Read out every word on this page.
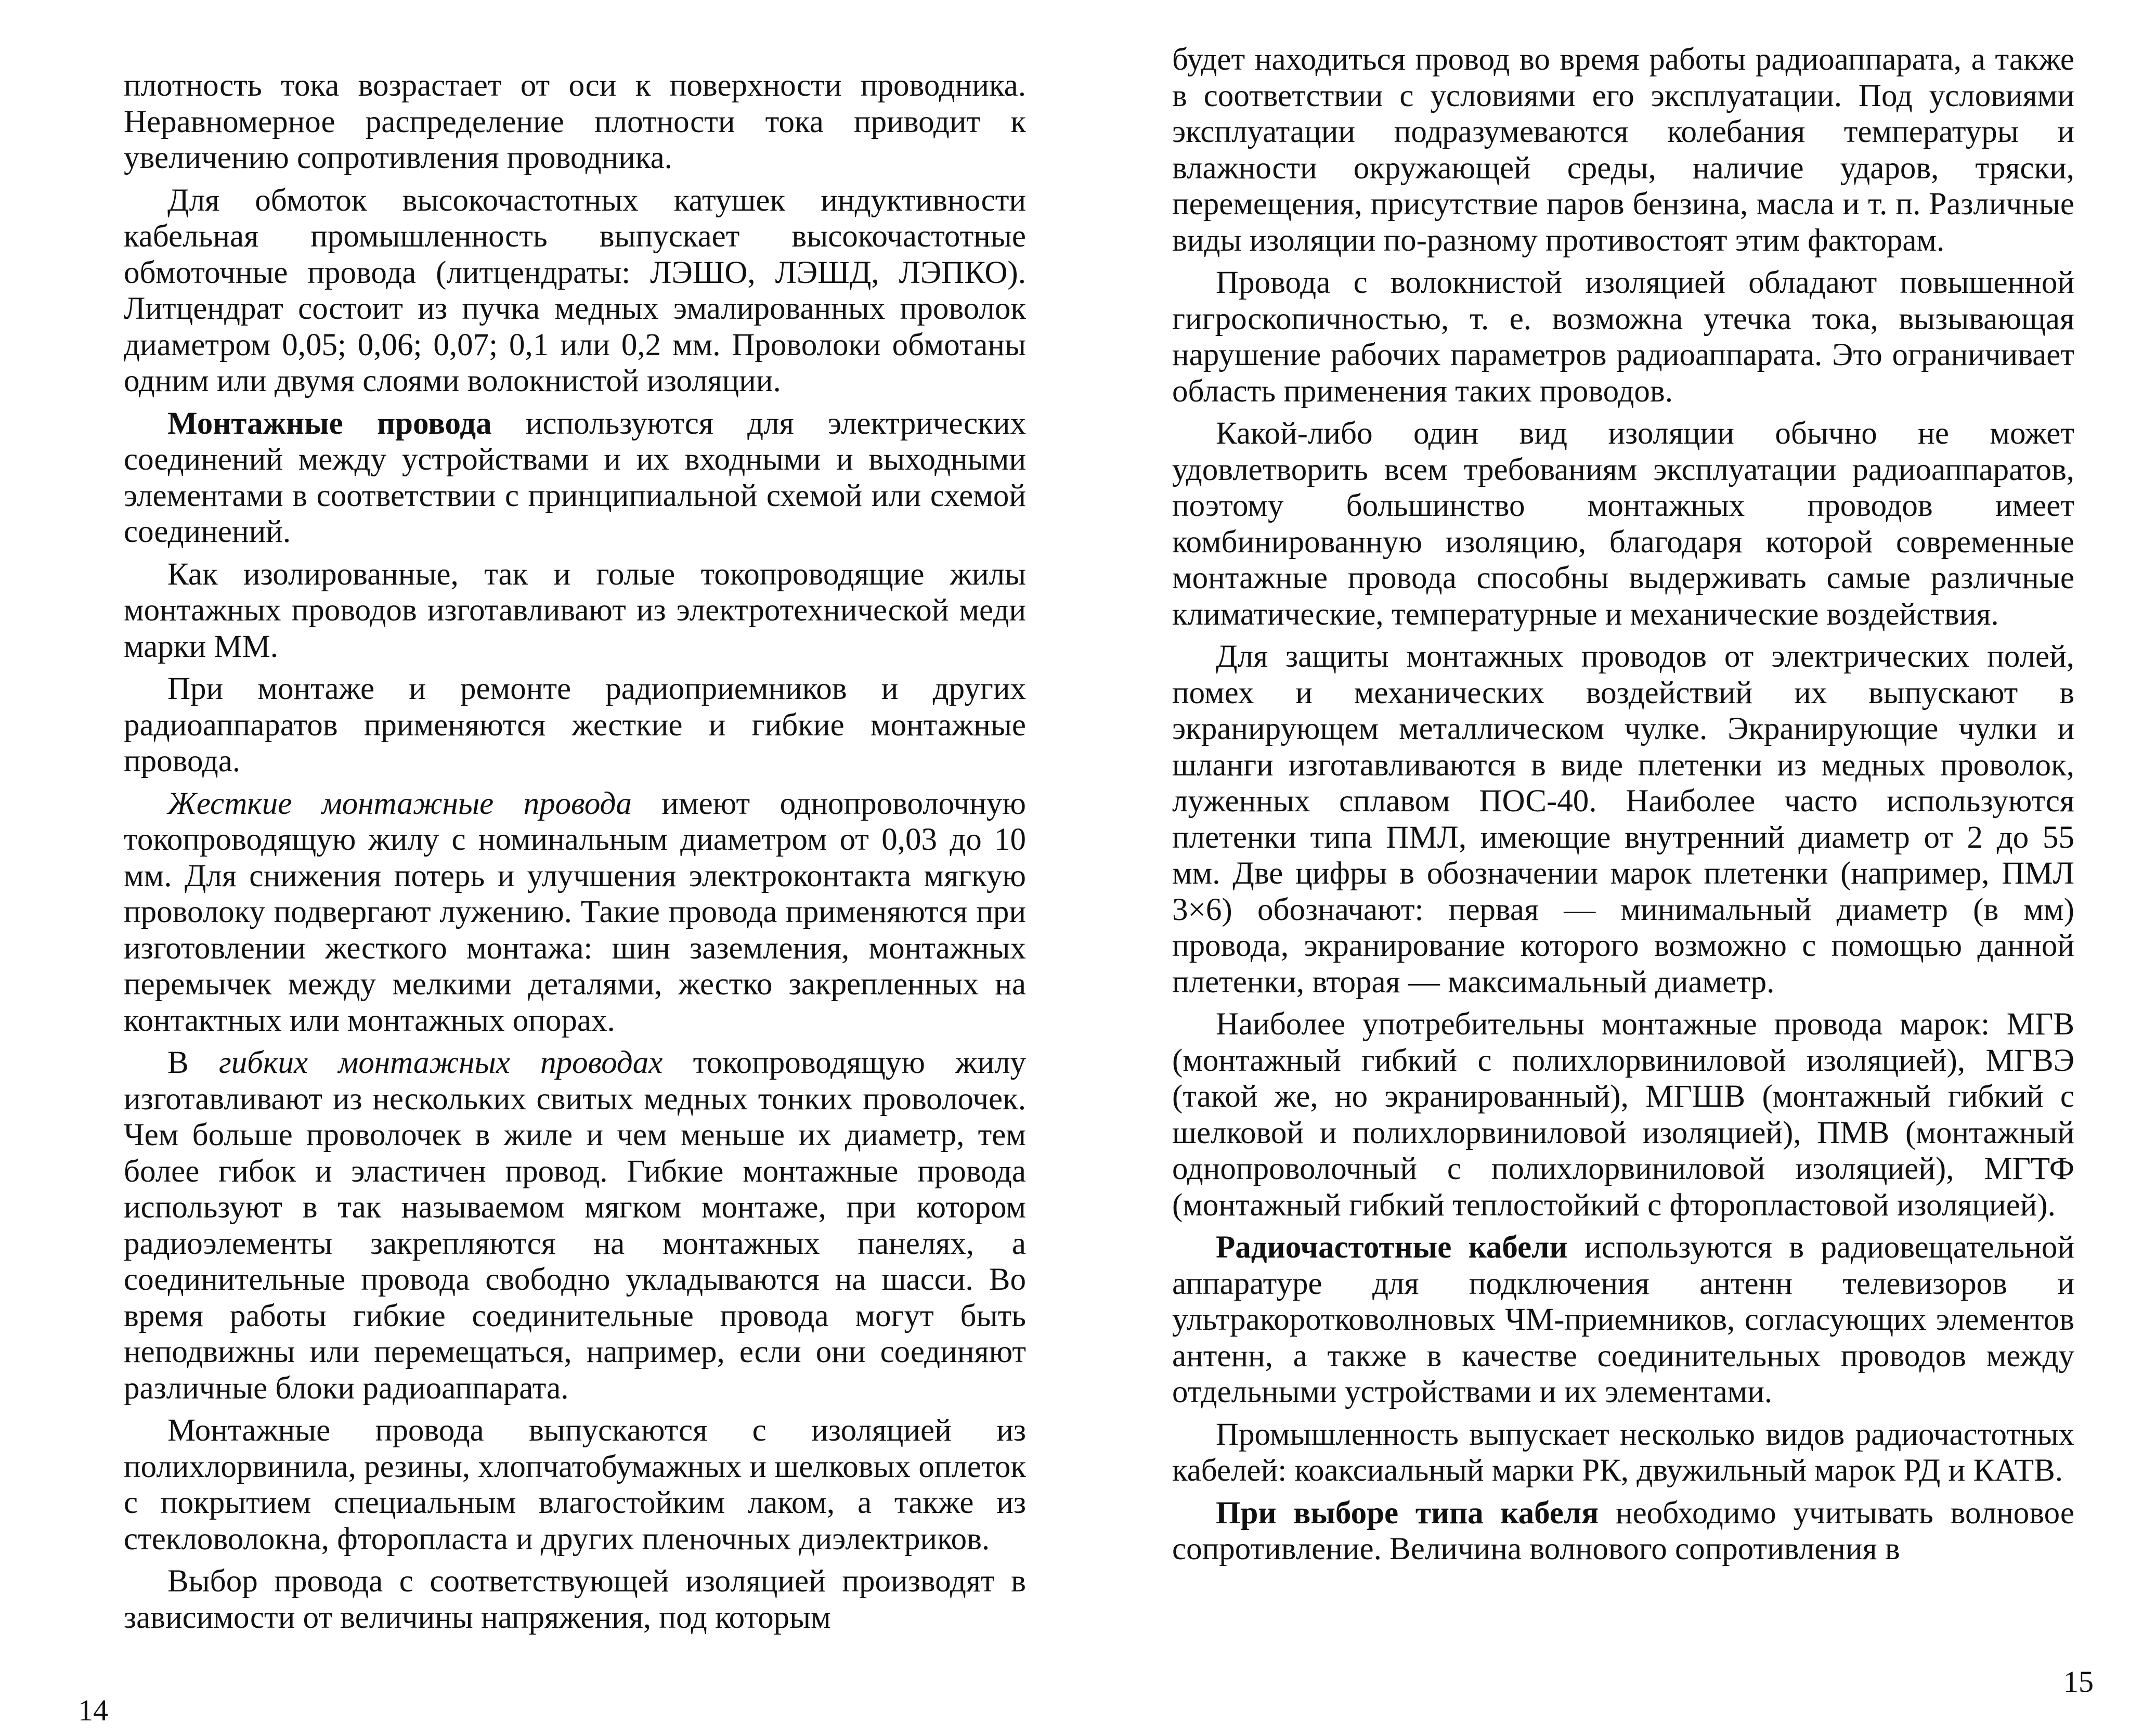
плотность тока возрастает от оси к поверхности проводника. Неравномерное распределение плотности тока приводит к увеличению сопротивления проводника.

Для обмоток высокочастотных катушек индуктивности кабельная промышленность выпускает высокочастотные обмоточные провода (литцендраты: ЛЭШО, ЛЭШД, ЛЭПКО). Литцендрат состоит из пучка медных эмалированных проволок диаметром 0,05; 0,06; 0,07; 0,1 или 0,2 мм. Проволоки обмотаны одним или двумя слоями волокнистой изоляции.

Монтажные провода используются для электрических соединений между устройствами и их входными и выходными элементами в соответствии с принципиальной схемой или схемой соединений.

Как изолированные, так и голые токопроводящие жилы монтажных проводов изготавливают из электротехнической меди марки ММ.

При монтаже и ремонте радиоприемников и других радиоаппаратов применяются жесткие и гибкие монтажные провода.

Жесткие монтажные провода имеют однопроволочную токопроводящую жилу с номинальным диаметром от 0,03 до 10 мм. Для снижения потерь и улучшения электроконтакта мягкую проволоку подвергают лужению. Такие провода применяются при изготовлении жесткого монтажа: шин заземления, монтажных перемычек между мелкими деталями, жестко закрепленных на контактных или монтажных опорах.

В гибких монтажных проводах токопроводящую жилу изготавливают из нескольких свитых медных тонких проволочек. Чем больше проволочек в жиле и чем меньше их диаметр, тем более гибок и эластичен провод. Гибкие монтажные провода используют в так называемом мягком монтаже, при котором радиоэлементы закрепляются на монтажных панелях, а соединительные провода свободно укладываются на шасси. Во время работы гибкие соединительные провода могут быть неподвижны или перемещаться, например, если они соединяют различные блоки радиоаппарата.

Монтажные провода выпускаются с изоляцией из полихлорвинила, резины, хлопчатобумажных и шелковых оплеток с покрытием специальным влагостойким лаком, а также из стекловолокна, фторопласта и других пленочных диэлектриков.

Выбор провода с соответствующей изоляцией производят в зависимости от величины напряжения, под которым

14

будет находиться провод во время работы радиоаппарата, а также в соответствии с условиями его эксплуатации. Под условиями эксплуатации подразумеваются колебания температуры и влажности окружающей среды, наличие ударов, тряски, перемещения, присутствие паров бензина, масла и т. п. Различные виды изоляции по-разному противостоят этим факторам.

Провода с волокнистой изоляцией обладают повышенной гигроскопичностью, т. е. возможна утечка тока, вызывающая нарушение рабочих параметров радиоаппарата. Это ограничивает область применения таких проводов.

Какой-либо один вид изоляции обычно не может удовлетворить всем требованиям эксплуатации радиоаппаратов, поэтому большинство монтажных проводов имеет комбинированную изоляцию, благодаря которой современные монтажные провода способны выдерживать самые различные климатические, температурные и механические воздействия.

Для защиты монтажных проводов от электрических полей, помех и механических воздействий их выпускают в экранирующем металлическом чулке. Экранирующие чулки и шланги изготавливаются в виде плетенки из медных проволок, луженных сплавом ПОС-40. Наиболее часто используются плетенки типа ПМЛ, имеющие внутренний диаметр от 2 до 55 мм. Две цифры в обозначении марок плетенки (например, ПМЛ 3×6) обозначают: первая — минимальный диаметр (в мм) провода, экранирование которого возможно с помощью данной плетенки, вторая — максимальный диаметр.

Наиболее употребительны монтажные провода марок: МГВ (монтажный гибкий с полихлорвиниловой изоляцией), МГВЭ (такой же, но экранированный), МГШВ (монтажный гибкий с шелковой и полихлорвиниловой изоляцией), ПМВ (монтажный однопроволочный с полихлорвиниловой изоляцией), МГТФ (монтажный гибкий теплостойкий с фторопластовой изоляцией).

Радиочастотные кабели используются в радиовещательной аппаратуре для подключения антенн телевизоров и ультракоротковолновых ЧМ-приемников, согласующих элементов антенн, а также в качестве соединительных проводов между отдельными устройствами и их элементами.

Промышленность выпускает несколько видов радиочастотных кабелей: коаксиальный марки РК, двужильный марок РД и КАТВ.

При выборе типа кабеля необходимо учитывать волновое сопротивление. Величина волнового сопротивления в

15
